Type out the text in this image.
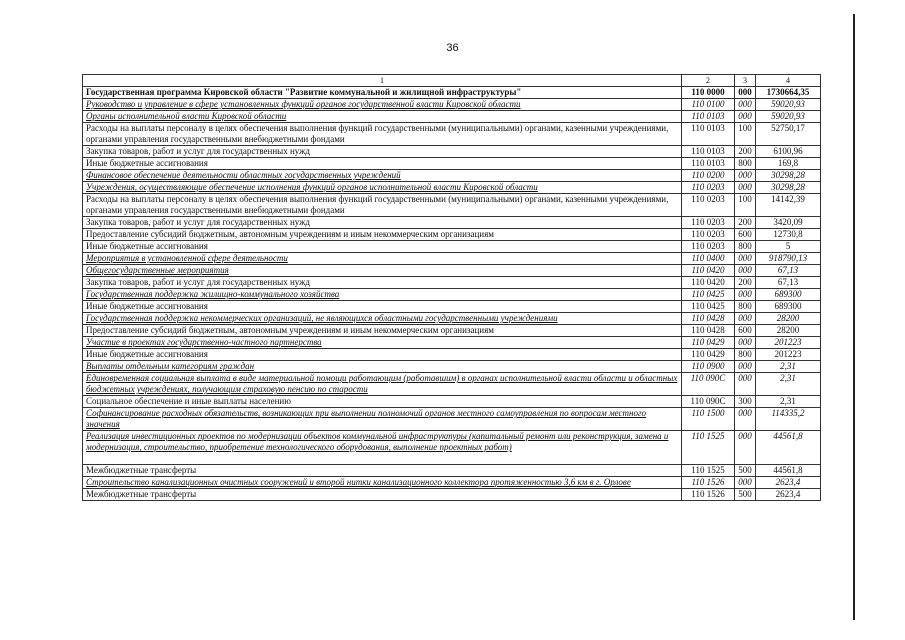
36
1	2	3	4
Государственная программа Кировской области "Развитие коммунальной и жилищной инфраструктуры"	110 0000	000	1730664,35
Руководство и управление в сфере установленных функций органов государственной власти Кировской области	110 0100	000	59020,93
Органы исполнительной власти Кировской области	110 0103	000	59020,93
Расходы на выплаты персоналу в целях обеспечения выполнения функций государственными (муниципальными) органами, казенными учреждениями, органами управления государственными внебюджетными фондами	110 0103	100	52750,17
Закупка товаров, работ и услуг для государственных нужд	110 0103	200	6100,96
Иные бюджетные ассигнования	110 0103	800	169,8
Финансовое обеспечение деятельности областных государственных учреждений	110 0200	000	30298,28
Учреждения, осуществляющие обеспечение исполнения функций органов исполнительной власти Кировской области	110 0203	000	30298,28
Расходы на выплаты персоналу в целях обеспечения выполнения функций государственными (муниципальными) органами, казенными учреждениями, органами управления государственными внебюджетными фондами	110 0203	100	14142,39
Закупка товаров, работ и услуг для государственных нужд	110 0203	200	3420,09
Предоставление субсидий бюджетным, автономным учреждениям и иным некоммерческим организациям	110 0203	600	12730,8
Иные бюджетные ассигнования	110 0203	800	5
Мероприятия в установленной сфере деятельности	110 0400	000	918790,13
Общегосударственные мероприятия	110 0420	000	67,13
Закупка товаров, работ и услуг для государственных нужд	110 0420	200	67,13
Государственная поддержка жилищно-коммунального хозяйства	110 0425	000	689300
Иные бюджетные ассигнования	110 0425	800	689300
Государственная поддержка некоммерческих организаций, не являющихся областными государственными учреждениями	110 0428	000	28200
Предоставление субсидий бюджетным, автономным учреждениям и иным некоммерческим организациям	110 0428	600	28200
Участие в проектах государственно-частного партнерства	110 0429	000	201223
Иные бюджетные ассигнования	110 0429	800	201223
Выплаты отдельным категориям граждан	110 0900	000	2,31
Единовременная социальная выплата в виде материальной помощи работающим (работавшим) в органах исполнительной власти области и областных бюджетных учреждениях, получающим страховую пенсию по старости	110 090С	000	2,31
Социальное обеспечение и иные выплаты населению	110 090С	300	2,31
Софинансирование расходных обязательств, возникающих при выполнении полномочий органов местного самоуправления по вопросам местного значения	110 1500	000	114335,2
Реализация инвестиционных проектов по модернизации объектов коммунальной инфраструктуры (капитальный ремонт или реконструкция, замена и модернизация, строительство, приобретение технологического оборудования, выполнение проектных работ)	110 1525	000	44561,8
Межбюджетные трансферты	110 1525	500	44561,8
Строительство канализационных очистных сооружений и второй нитки канализационного коллектора протяженностью 3,6 км в г. Орлове	110 1526	000	2623,4
Межбюджетные трансферты	110 1526	500	2623,4
